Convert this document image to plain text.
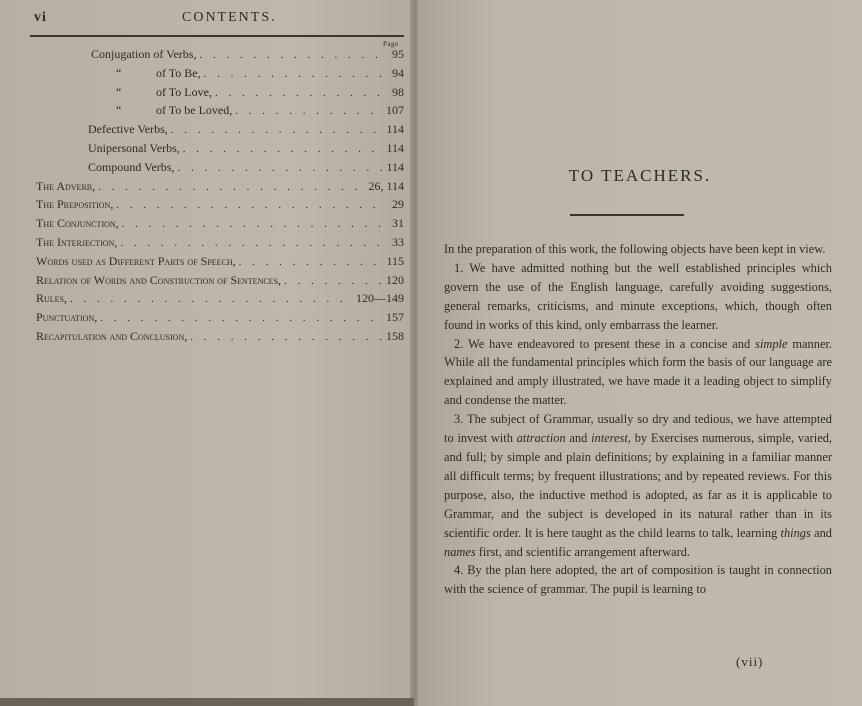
vi	CONTENTS.
Page
Conjugation of Verbs, . . .	95
“	of To Be, . . .	94
“	of To Love, . . .	98
“	of To be Loved, . . .	107
Defective Verbs, . . .	114
Unipersonal Verbs, . . .	114
Compound Verbs, . . .	114
The Adverb, . . .	26, 114
The Preposition, . . .	29
The Conjunction, . . .	31
The Interjection, . . .	33
Words used as Different Parts of Speech, . . .	115
Relation of Words and Construction of Sentences, . . .	120
Rules, . . .	120—149
Punctuation, . . .	157
Recapitulation and Conclusion, . . .	158
TO TEACHERS.

In the preparation of this work, the following objects have been kept in view.

1. We have admitted nothing but the well established principles which govern the use of the English language, carefully avoiding suggestions, general remarks, criticisms, and minute exceptions, which, though often found in works of this kind, only embarrass the learner.

2. We have endeavored to present these in a concise and simple manner. While all the fundamental principles which form the basis of our language are explained and amply illustrated, we have made it a leading object to simplify and condense the matter.

3. The subject of Grammar, usually so dry and tedious, we have attempted to invest with attraction and interest, by Exercises numerous, simple, varied, and full; by simple and plain definitions; by explaining in a familiar manner all difficult terms; by frequent illustrations; and by repeated reviews. For this purpose, also, the inductive method is adopted, as far as it is applicable to Grammar, and the subject is developed in its natural rather than in its scientific order. It is here taught as the child learns to talk, learning things and names first, and scientific arrangement afterward.

4. By the plan here adopted, the art of composition is taught in connection with the science of grammar. The pupil is learning to

(vii)
